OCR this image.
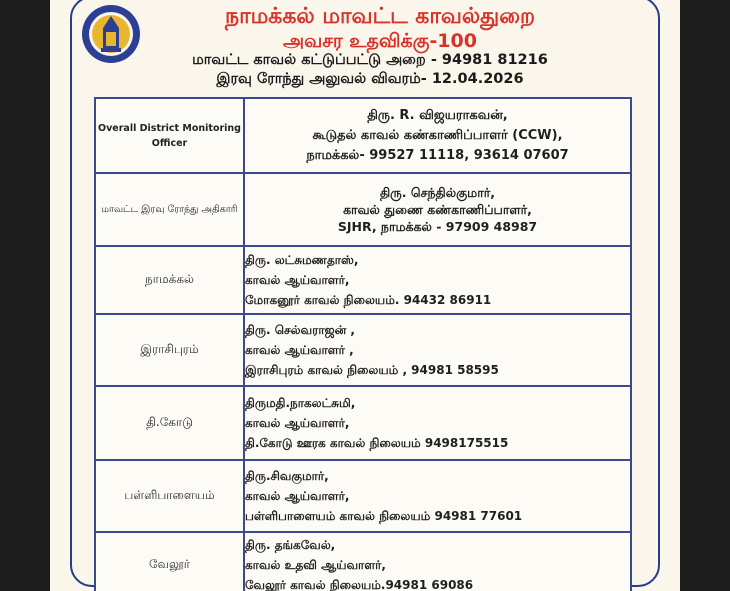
நாமக்கல் மாவட்ட காவல்துறை
அவசர உதவிக்கு-100
மாவட்ட காவல் கட்டுப்பட்டு அறை - 94981 81216
இரவு ரோந்து அலுவல் விவரம்- 12.04.2026
Overall District Monitoring Officer	திரு. R. விஜயராகவன்,
கூடுதல் காவல் கண்காணிப்பாளர் (CCW),
நாமக்கல்- 99527 11118, 93614 07607

மாவட்ட இரவு ரோந்து அதிகாரி	திரு. செந்தில்குமார்,
காவல் துணை கண்காணிப்பாளர்,
SJHR, நாமக்கல் - 97909 48987

நாமக்கல்	திரு. லட்சுமணதாஸ்,
காவல் ஆய்வாளர்,
மோகனூர் காவல் நிலையம். 94432 86911

இராசிபுரம்	திரு. செல்வராஜன் ,
காவல் ஆய்வாளர் ,
இராசிபுரம் காவல் நிலையம் , 94981 58595

தி.கோடு	திருமதி.நாகலட்சுமி,
காவல் ஆய்வாளர்,
தி.கோடு ஊரக காவல் நிலையம் 9498175515

பள்ளிபாளையம்	திரு.சிவகுமார்,
காவல் ஆய்வாளர்,
பள்ளிபாளையம் காவல் நிலையம் 94981 77601

வேலூர்	திரு. தங்கவேல்,
காவல் உதவி ஆய்வாளர்,
வேலூர் காவல் நிலையம்.94981 69086
